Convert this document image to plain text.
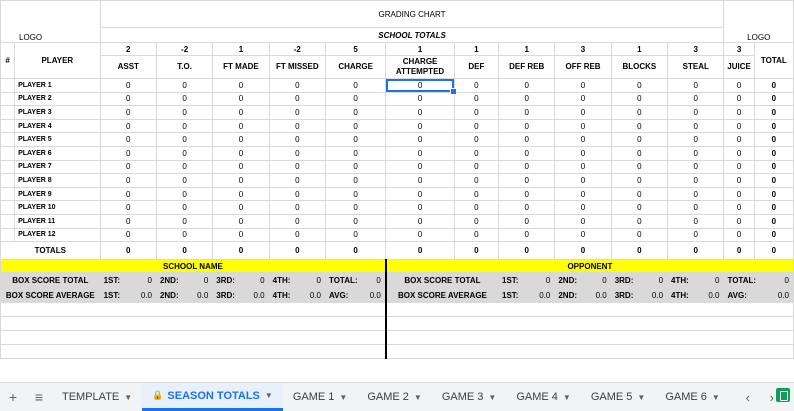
LOGO		GRADING CHART											LOGO	
		SCHOOL TOTALS												
#	PLAYER	2	-2	1	-2	5	1	1	1	3	1	3	3	TOTAL
		ASST	T.O.	FT MADE	FT MISSED	CHARGE	CHARGE ATTEMPTED	DEF	DEF REB	OFF REB	BLOCKS	STEAL	JUICE	
	PLAYER 1	0	0	0	0	0	0	0	0	0	0	0	0	0
	PLAYER 2	0	0	0	0	0	0	0	0	0	0	0	0	0
	PLAYER 3	0	0	0	0	0	0	0	0	0	0	0	0	0
	PLAYER 4	0	0	0	0	0	0	0	0	0	0	0	0	0
	PLAYER 5	0	0	0	0	0	0	0	0	0	0	0	0	0
	PLAYER 6	0	0	0	0	0	0	0	0	0	0	0	0	0
	PLAYER 7	0	0	0	0	0	0	0	0	0	0	0	0	0
	PLAYER 8	0	0	0	0	0	0	0	0	0	0	0	0	0
	PLAYER 9	0	0	0	0	0	0	0	0	0	0	0	0	0
	PLAYER 10	0	0	0	0	0	0	0	0	0	0	0	0	0
	PLAYER 11	0	0	0	0	0	0	0	0	0	0	0	0	0
	PLAYER 12	0	0	0	0	0	0	0	0	0	0	0	0	0
TOTALS		0	0	0	0	0	0	0	0	0	0	0	0	0
SCHOOL NAME							OPPONENT							
BOX SCORE TOTAL		1ST: 0	2ND: 0	3RD: 0	4TH: 0	TOTAL: 0	BOX SCORE TOTAL		1ST: 0	2ND: 0	3RD: 0	4TH: 0	TOTAL: 0	

BOX SCORE AVERAGE		1ST: 0.0	2ND: 0.0	3RD: 0.0	4TH: 0.0	AVG: 0.0	BOX SCORE AVERAGE		1ST: 0.0	2ND: 0.0	3RD: 0.0	4TH: 0.0	AVG: 0.0	

+	≡	TEMPLATE ▼ 🔒 SEASON TOTALS ▼ GAME 1 ▼ GAME 2 ▼ GAME 3 ▼ GAME 4 ▼ GAME 5 ▼ GAME 6 ▼	‹	›
